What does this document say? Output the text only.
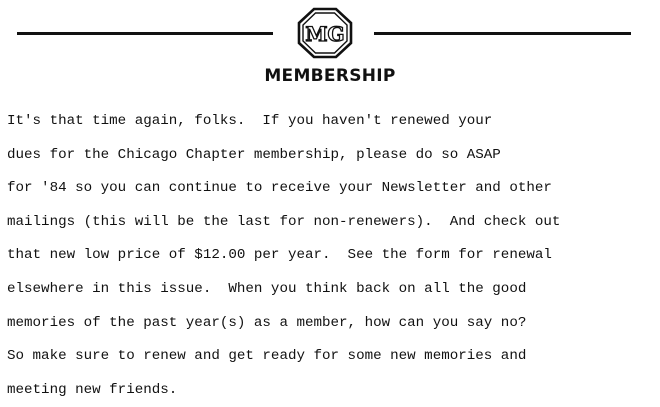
MG
MEMBERSHIP
It's that time again, folks.  If you haven't renewed your
dues for the Chicago Chapter membership, please do so ASAP
for '84 so you can continue to receive your Newsletter and other
mailings (this will be the last for non-renewers).  And check out
that new low price of $12.00 per year.  See the form for renewal
elsewhere in this issue.  When you think back on all the good
memories of the past year(s) as a member, how can you say no?
So make sure to renew and get ready for some new memories and
meeting new friends.
